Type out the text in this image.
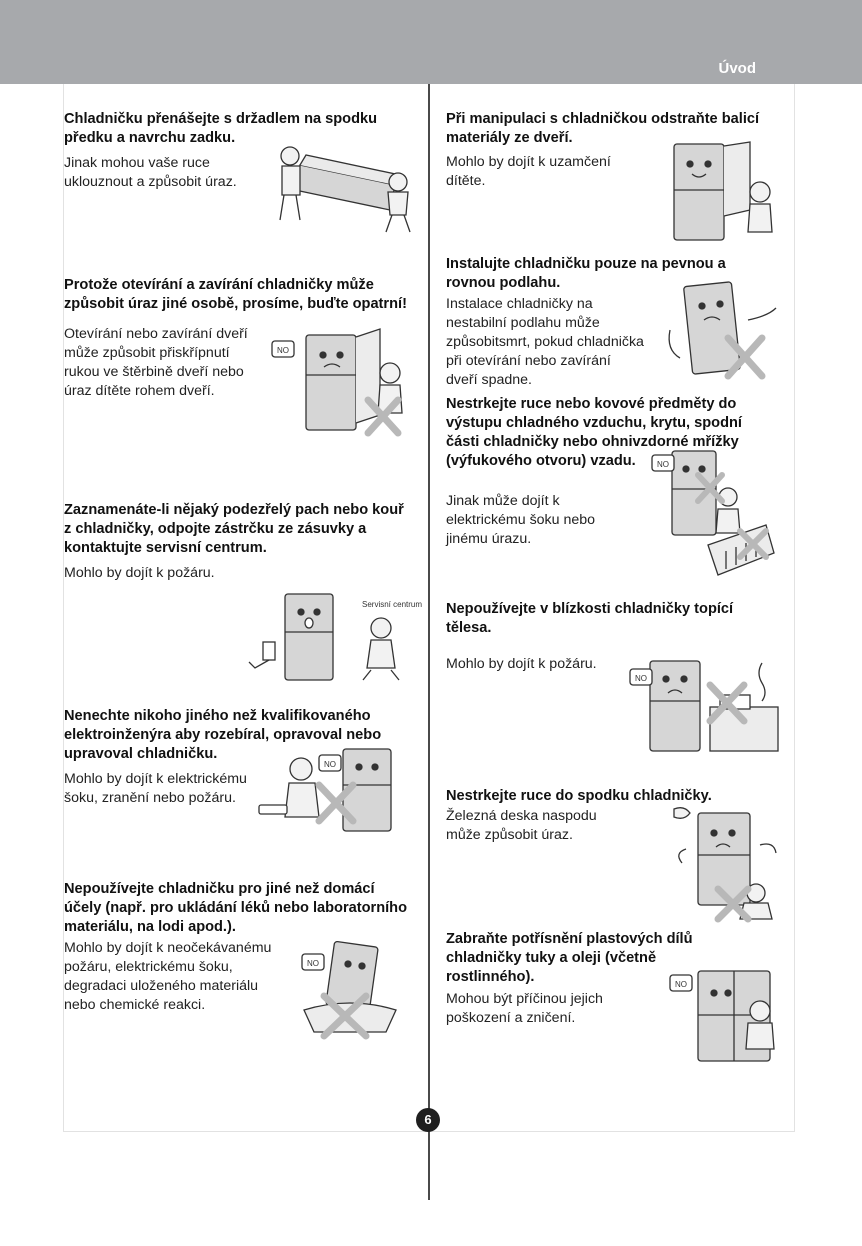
Úvod
Chladničku přenášejte s držadlem na spodku předku a navrchu zadku.

Jinak mohou vaše ruce
uklouznout a způsobit úraz.

Protože otevírání a zavírání chladničky může způsobit úraz jiné osobě, prosíme, buďte opatrní!

Otevírání nebo zavírání dveří
může způsobit přiskřípnutí
rukou ve štěrbině dveří nebo
úraz dítěte rohem dveří.

NO
Zaznamenáte-li nějaký podezřelý pach nebo kouř z chladničky, odpojte zástrčku ze zásuvky a kontaktujte servisní centrum.

Mohlo by dojít k požáru.

Servisní centrum
Nenechte nikoho jiného než kvalifikovaného elektroinženýra aby rozebíral, opravoval nebo upravoval chladničku.

Mohlo by dojít k elektrickému
šoku, zranění nebo požáru.

NO
Nepoužívejte chladničku pro jiné než domácí účely (např. pro ukládání léků nebo laboratorního materiálu, na lodi apod.).

Mohlo by dojít k neočekávanému
požáru, elektrickému šoku,
degradaci uloženého materiálu
nebo chemické reakci.

NO
Při manipulaci s chladničkou odstraňte balicí materiály ze dveří.

Mohlo by dojít k uzamčení
dítěte.

Instalujte chladničku pouze na pevnou a rovnou podlahu.

Instalace chladničky na
nestabilní podlahu může
způsobitsmrt, pokud chladnička
při otevírání nebo zavírání
dveří spadne.

Nestrkejte ruce nebo kovové předměty do výstupu chladného vzduchu, krytu, spodní části chladničky nebo ohnivzdorné mřížky (výfukového otvoru) vzadu.

Jinak může dojít k
elektrickému šoku nebo
jinému úrazu.

NO
Nepoužívejte v blízkosti chladničky topící tělesa.

Mohlo by dojít k požáru.

NO
Nestrkejte ruce do spodku chladničky.

Železná deska naspodu
může způsobit úraz.

Zabraňte potřísnění plastových dílů chladničky tuky a oleji (včetně rostlinného).

Mohou být příčinou jejich
poškození a zničení.

NO
6
